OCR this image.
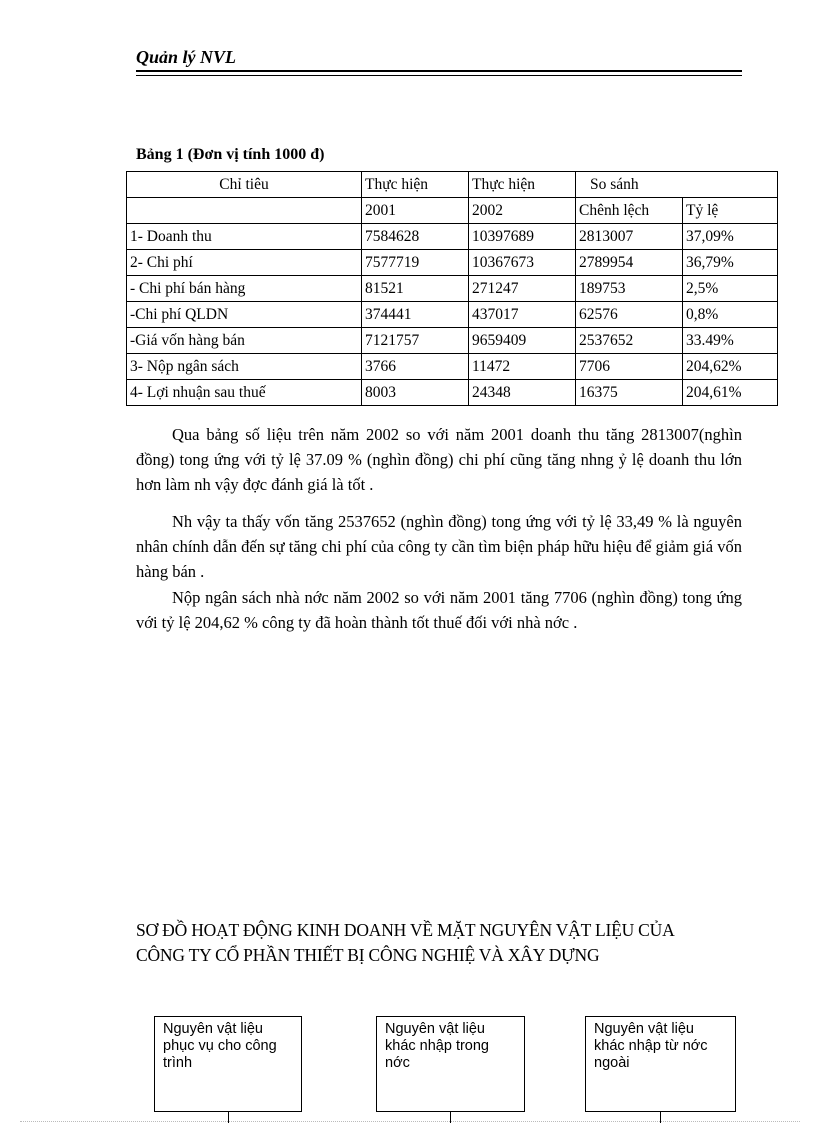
Quản lý NVL
Bảng 1 (Đơn vị tính 1000 đ)
Chỉ tiêu	Thực hiện	Thực hiện	So sánh	
	2001	2002	Chênh lệch	Tỷ lệ
1- Doanh thu	7584628	10397689	2813007	37,09%
2- Chi phí	7577719	10367673	2789954	36,79%
- Chi phí bán hàng	81521	271247	189753	2,5%
-Chi phí QLDN	374441	437017	62576	0,8%
-Giá vốn hàng bán	7121757	9659409	2537652	33.49%
3- Nộp ngân sách	3766	11472	7706	204,62%
4- Lợi nhuận sau thuế	8003	24348	16375	204,61%

Qua bảng số liệu trên năm 2002 so với năm 2001 doanh thu tăng 2813007(nghìn đồng) tong ứng với tỷ lệ 37.09 % (nghìn đồng) chi phí cũng tăng nhng ỷ lệ doanh thu lớn hơn làm nh vậy đợc đánh giá là tốt .

Nh vậy ta thấy vốn tăng 2537652 (nghìn đồng) tong ứng với tỷ lệ 33,49 % là nguyên nhân chính dẫn đến sự tăng chi phí của công ty cần tìm biện pháp hữu hiệu để giảm giá vốn hàng bán .

Nộp ngân sách nhà nớc năm 2002 so với năm 2001 tăng 7706 (nghìn đồng) tong ứng với tỷ lệ 204,62 % công ty đã hoàn thành tốt thuế đối với nhà nớc .

SƠ ĐỒ HOẠT ĐỘNG KINH DOANH VỀ MẶT NGUYÊN VẬT LIỆU CỦA
CÔNG TY CỔ PHẦN THIẾT BỊ CÔNG NGHIỆ VÀ XÂY DỰNG
Nguyên vật liệu phục vụ cho công trình
Nguyên vật liệu khác nhập trong nớc
Nguyên vật liệu khác nhập từ nớc ngoài
